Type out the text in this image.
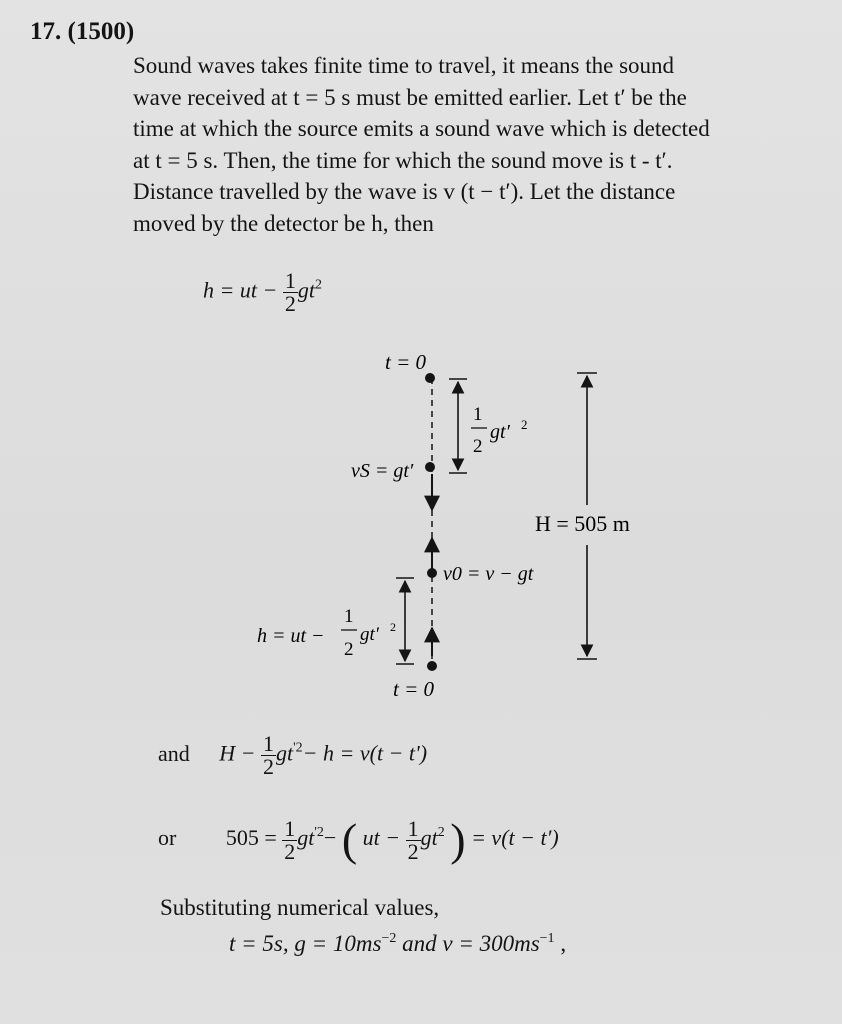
17. (1500)

Sound waves takes finite time to travel, it means the sound

wave received at t = 5 s must be emitted earlier. Let t′ be the

time at which the source emits a sound wave which is detected

at t = 5 s. Then, the time for which the sound move is t - t′.

Distance travelled by the wave is v (t − t′). Let the distance

moved by the detector be h, then

h = ut − $\frac{1}{2} gt^2$
t = 0
vS = gt′
1
2
gt′ 2
v0 = v − gt
t = 0
h = ut −
1
2
gt′ 2
H = 505 m
and $H - \frac{1}{2} gt^{'2}- h = v(t - t')$
or $505 = \frac{1}{2} gt^{'2}-$ ( ut − $\frac{1}{2} gt^2$ ) = v(t − t′)
Substituting numerical values,
t = 5s, $g = 10ms^{-2}$ and $v = 300ms^{-1}$ ,
